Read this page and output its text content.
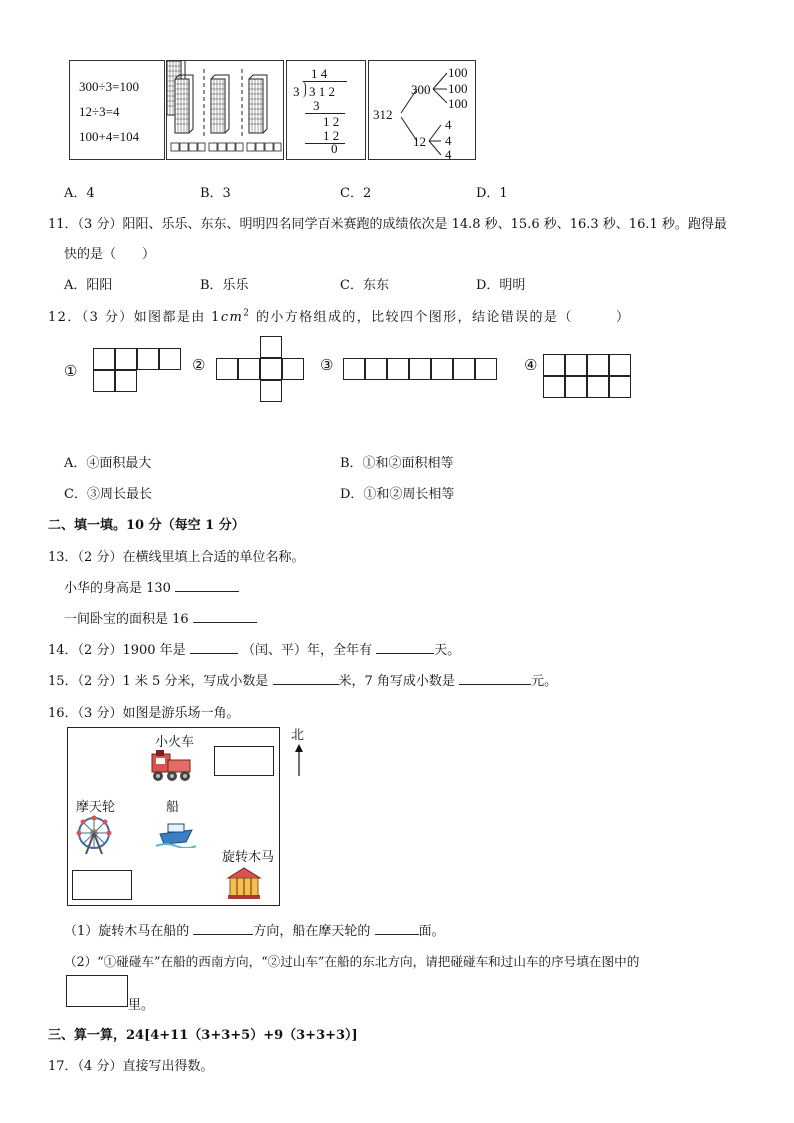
300÷3=100
12÷3=4
100+4=104
1 4
3 3 1 2
3
1 2
1 2
0
312
300
100
100
100
12
4
4
4
A．4	B．3	C．2	D．1
11．（3 分）阳阳、乐乐、东东、明明四名同学百米赛跑的成绩依次是 14.8 秒、15.6 秒、16.3 秒、16.1 秒。跑得最
快的是（　　）
A．阳阳	B．乐乐	C．东东	D．明明
12．（3 分）如图都是由 $1cm^2$ 的小方格组成的，比较四个图形，结论错误的是（　　　）
①	②	③	④
A．④面积最大	B．①和②面积相等
C．③周长最长	D．①和②周长相等
二、填一填。10 分（每空 1 分）
13．（2 分）在横线里填上合适的单位名称。
小华的身高是 130
一间卧宝的面积是 16
14．（2 分）1900 年是	（闰、平）年，全年有	天。
15．（2 分）1 米 5 分米，写成小数是	米，7 角写成小数是	元。
16．（3 分）如图是游乐场一角。
小火车
摩天轮	船
旋转木马
北
（1）旋转木马在船的	方向，船在摩天轮的	面。
（2）“①碰碰车”在船的西南方向，“②过山车”在船的东北方向，请把碰碰车和过山车的序号填在图中的
里。
三、算一算，24[4+11（3+3+5）+9（3+3+3）]
17．（4 分）直接写出得数。
